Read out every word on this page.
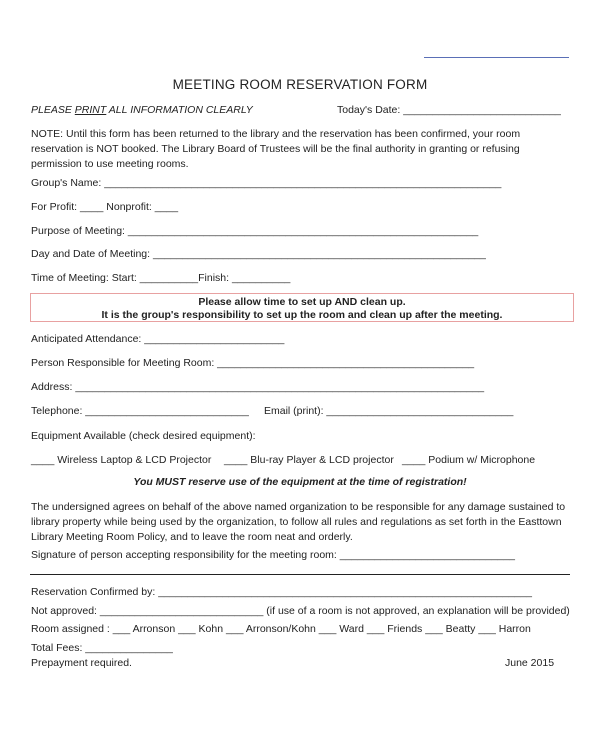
MEETING ROOM RESERVATION FORM
PLEASE PRINT ALL INFORMATION CLEARLY	Today's Date: ___________________________
NOTE: Until this form has been returned to the library and the reservation has been confirmed, your room reservation is NOT booked. The Library Board of Trustees will be the final authority in granting or refusing permission to use meeting rooms.
Group's Name: ____________________________________________________________________
For Profit: ____ Nonprofit: ____
Purpose of Meeting: ____________________________________________________________
Day and Date of Meeting: _________________________________________________________
Time of Meeting: Start: __________Finish: __________
Please allow time to set up AND clean up.
It is the group's responsibility to set up the room and clean up after the meeting.
Anticipated Attendance: ________________________
Person Responsible for Meeting Room: ____________________________________________
Address: ______________________________________________________________________
Telephone: ____________________________ Email (print): ________________________________
Equipment Available (check desired equipment):
____ Wireless Laptop & LCD Projector ____ Blu-ray Player & LCD projector ____ Podium w/ Microphone
You MUST reserve use of the equipment at the time of registration!
The undersigned agrees on behalf of the above named organization to be responsible for any damage sustained to library property while being used by the organization, to follow all rules and regulations as set forth in the Easttown Library Meeting Room Policy, and to leave the room neat and orderly.
Signature of person accepting responsibility for the meeting room: ______________________________
Reservation Confirmed by: ________________________________________________________________
Not approved: ____________________________ (if use of a room is not approved, an explanation will be provided)
Room assigned : ___ Arronson ___ Kohn ___ Arronson/Kohn ___ Ward ___ Friends ___ Beatty ___ Harron
Total Fees: _______________
Prepayment required.	June 2015
